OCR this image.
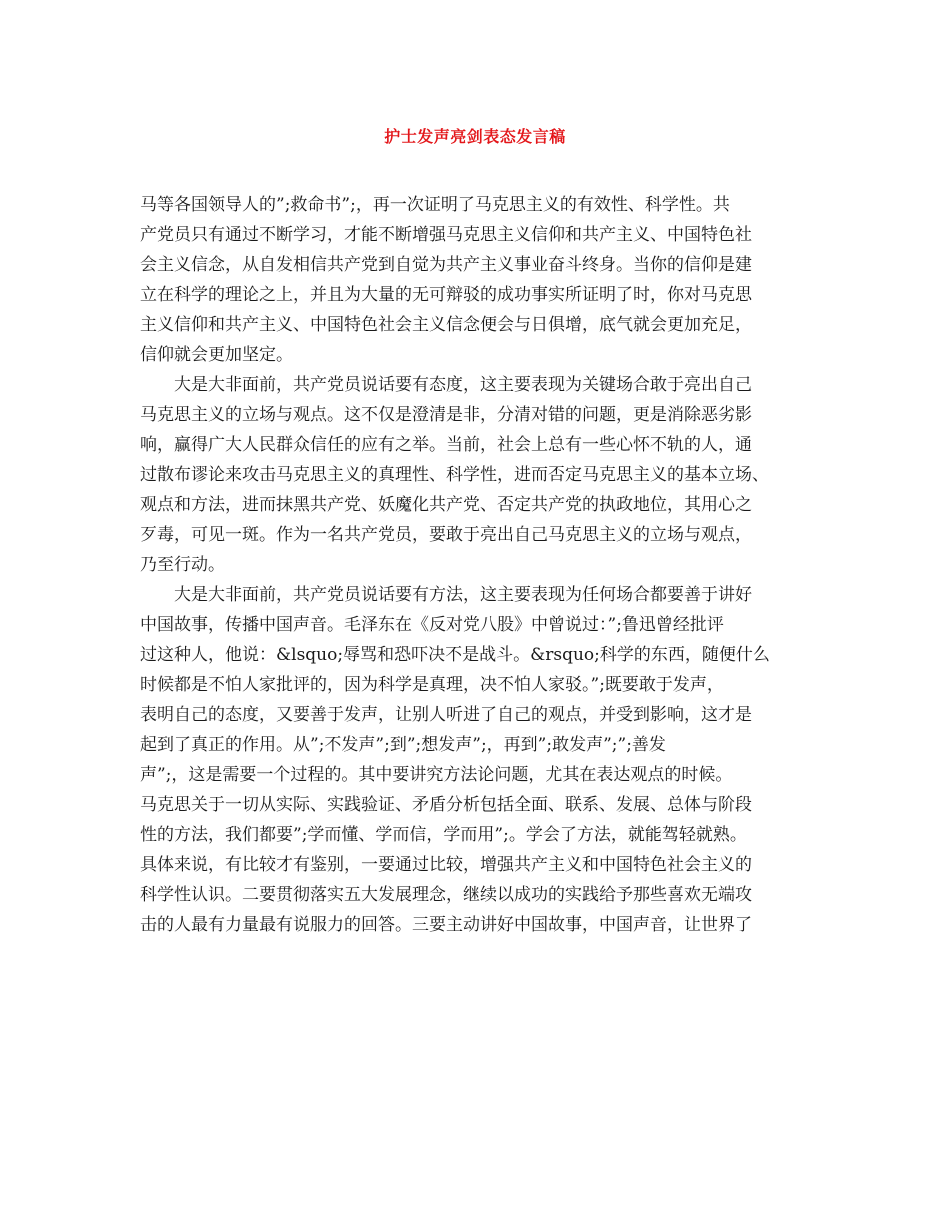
护士发声亮剑表态发言稿
马等各国领导人的”;救命书”;，再一次证明了马克思主义的有效性、科学性。共
产党员只有通过不断学习，才能不断增强马克思主义信仰和共产主义、中国特色社
会主义信念，从自发相信共产党到自觉为共产主义事业奋斗终身。当你的信仰是建
立在科学的理论之上，并且为大量的无可辩驳的成功事实所证明了时，你对马克思
主义信仰和共产主义、中国特色社会主义信念便会与日俱增，底气就会更加充足，
信仰就会更加坚定。
大是大非面前，共产党员说话要有态度，这主要表现为关键场合敢于亮出自己
马克思主义的立场与观点。这不仅是澄清是非，分清对错的问题，更是消除恶劣影
响，赢得广大人民群众信任的应有之举。当前，社会上总有一些心怀不轨的人，通
过散布谬论来攻击马克思主义的真理性、科学性，进而否定马克思主义的基本立场、
观点和方法，进而抹黑共产党、妖魔化共产党、否定共产党的执政地位，其用心之
歹毒，可见一斑。作为一名共产党员，要敢于亮出自己马克思主义的立场与观点，
乃至行动。
大是大非面前，共产党员说话要有方法，这主要表现为任何场合都要善于讲好
中国故事，传播中国声音。毛泽东在《反对党八股》中曾说过：”;鲁迅曾经批评
过这种人，他说：&lsquo;辱骂和恐吓决不是战斗。&rsquo;科学的东西，随便什么
时候都是不怕人家批评的，因为科学是真理，决不怕人家驳。”;既要敢于发声，
表明自己的态度，又要善于发声，让别人听进了自己的观点，并受到影响，这才是
起到了真正的作用。从”;不发声”;到”;想发声”;，再到”;敢发声”;”;善发
声”;，这是需要一个过程的。其中要讲究方法论问题，尤其在表达观点的时候。
马克思关于一切从实际、实践验证、矛盾分析包括全面、联系、发展、总体与阶段
性的方法，我们都要”;学而懂、学而信，学而用”;。学会了方法，就能驾轻就熟。
具体来说，有比较才有鉴别，一要通过比较，增强共产主义和中国特色社会主义的
科学性认识。二要贯彻落实五大发展理念，继续以成功的实践给予那些喜欢无端攻
击的人最有力量最有说服力的回答。三要主动讲好中国故事，中国声音，让世界了
